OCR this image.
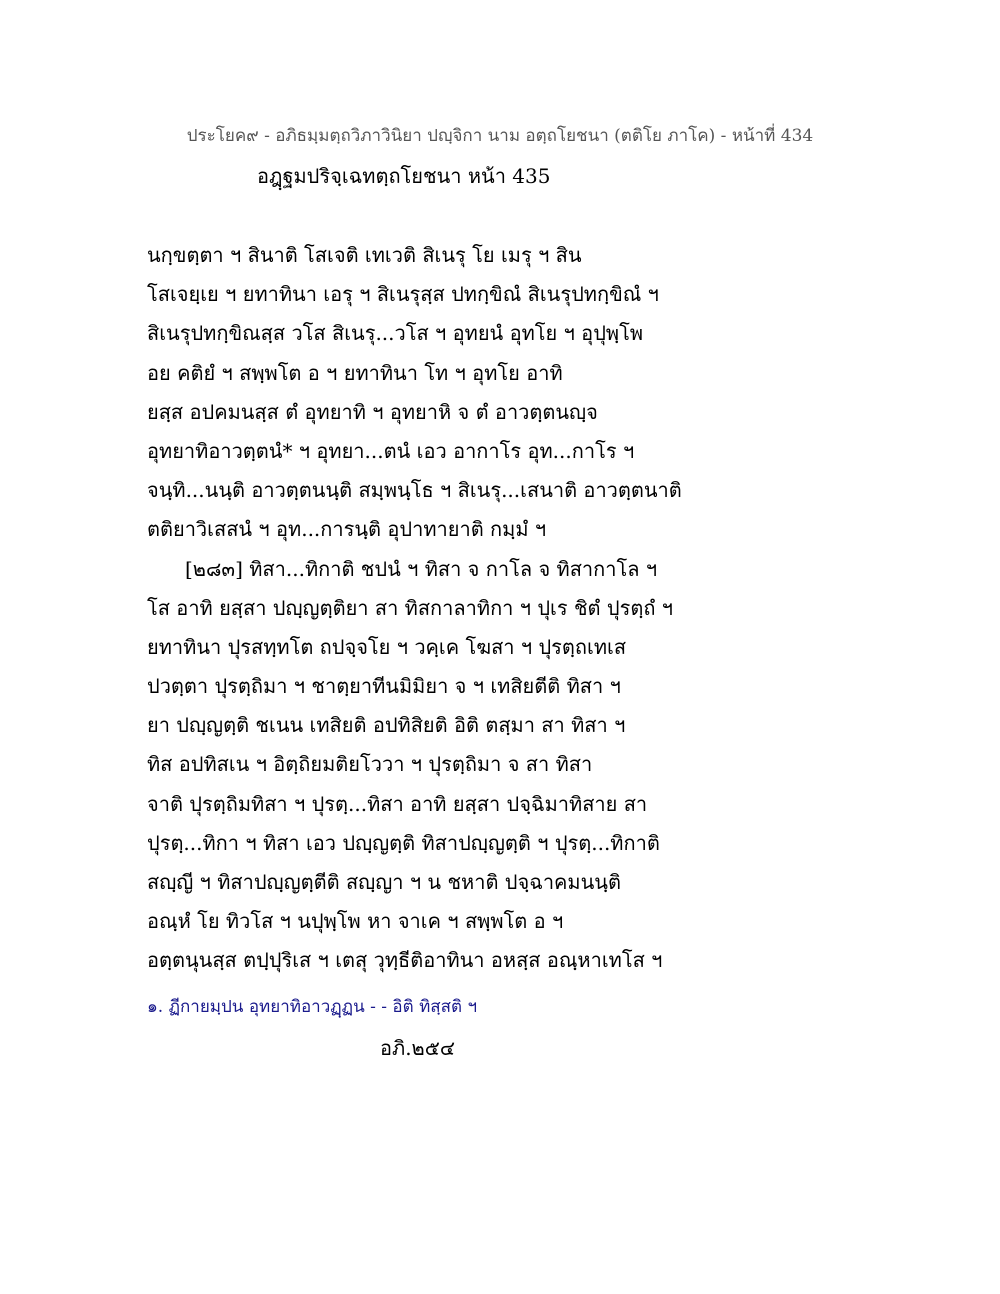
ประโยค๙ - อภิธมฺมตฺถวิภาวินิยา ปญฺจิกา นาม อตฺถโยชนา (ตติโย ภาโค) - หน้าที่ 434
อฎฺฐมปริจฺเฉทตฺถโยชนา หน้า 435
นกฺขตฺตา ฯ สินาติ โสเจติ เทเวติ สิเนรุ โย เมรุ ฯ สิน
โสเจยฺเย ฯ ยทาทินา เอรุ ฯ สิเนรุสฺส ปทกฺขิณํ สิเนรุปทกฺขิณํ ฯ
สิเนรุปทกฺขิณสฺส วโส สิเนรุ...วโส ฯ อุทยนํ อุทโย ฯ อุปุพฺโพ
อย คติยํ ฯ สพฺพโต อ ฯ ยทาทินา โท ฯ อุทโย อาทิ
ยสฺส อปคมนสฺส ตํ อุทยาทิ ฯ อุทยาหิ จ ตํ อาวตฺตนญฺจ
อุทยาทิอาวตฺตนํ* ฯ อุทยา...ตนํ เอว อากาโร อุท...กาโร ฯ
จนฺทิ...นนฺติ อาวตฺตนนฺติ สมฺพนฺโธ ฯ สิเนรุ...เสนาติ อาวตฺตนาติ
ตติยาวิเสสนํ ฯ อุท...การนฺติ อุปาทายาติ กมฺมํ ฯ
[๒๘๓] ทิสา...ทิกาติ ชปนํ ฯ ทิสา จ กาโล จ ทิสากาโล ฯ
โส อาทิ ยสฺสา ปญฺญตฺติยา สา ทิสกาลาทิกา ฯ ปุเร ชิตํ ปุรตฺถํ ฯ
ยทาทินา ปุรสทฺทโต ถปจฺจโย ฯ วคฺเค โฆสา ฯ ปุรตฺถเทเส
ปวตฺตา ปุรตฺถิมา ฯ ชาตฺยาทีนมิมิยา จ ฯ เทสิยตีติ ทิสา ฯ
ยา ปญฺญตฺติ ชเนน เทสิยติ อปทิสิยติ อิติ ตสฺมา สา ทิสา ฯ
ทิส อปทิสเน ฯ อิตฺถิยมติยโววา ฯ ปุรตฺถิมา จ สา ทิสา
จาติ ปุรตฺถิมทิสา ฯ ปุรตฺ...ทิสา อาทิ ยสฺสา ปจฺฉิมาทิสาย สา
ปุรตฺ...ทิกา ฯ ทิสา เอว ปญฺญตฺติ ทิสาปญฺญตฺติ ฯ ปุรตฺ...ทิกาติ
สญฺญี ฯ ทิสาปญฺญตฺตีติ สญฺญา ฯ น ชหาติ ปจฺฉาคมนนฺติ
อณฺหํ โย ทิวโส ฯ นปุพฺโพ หา จาเค ฯ สพฺพโต อ ฯ
อตฺตนุนสฺส ตปฺปุริเส ฯ เตสุ วุทฺธีติอาทินา อหสฺส อณฺหาเทโส ฯ
๑. ฏีกายมฺปน อุทยาทิอาวฏฺฏน - - อิติ ทิสฺสติ ฯ
อภิ.๒๕๔
